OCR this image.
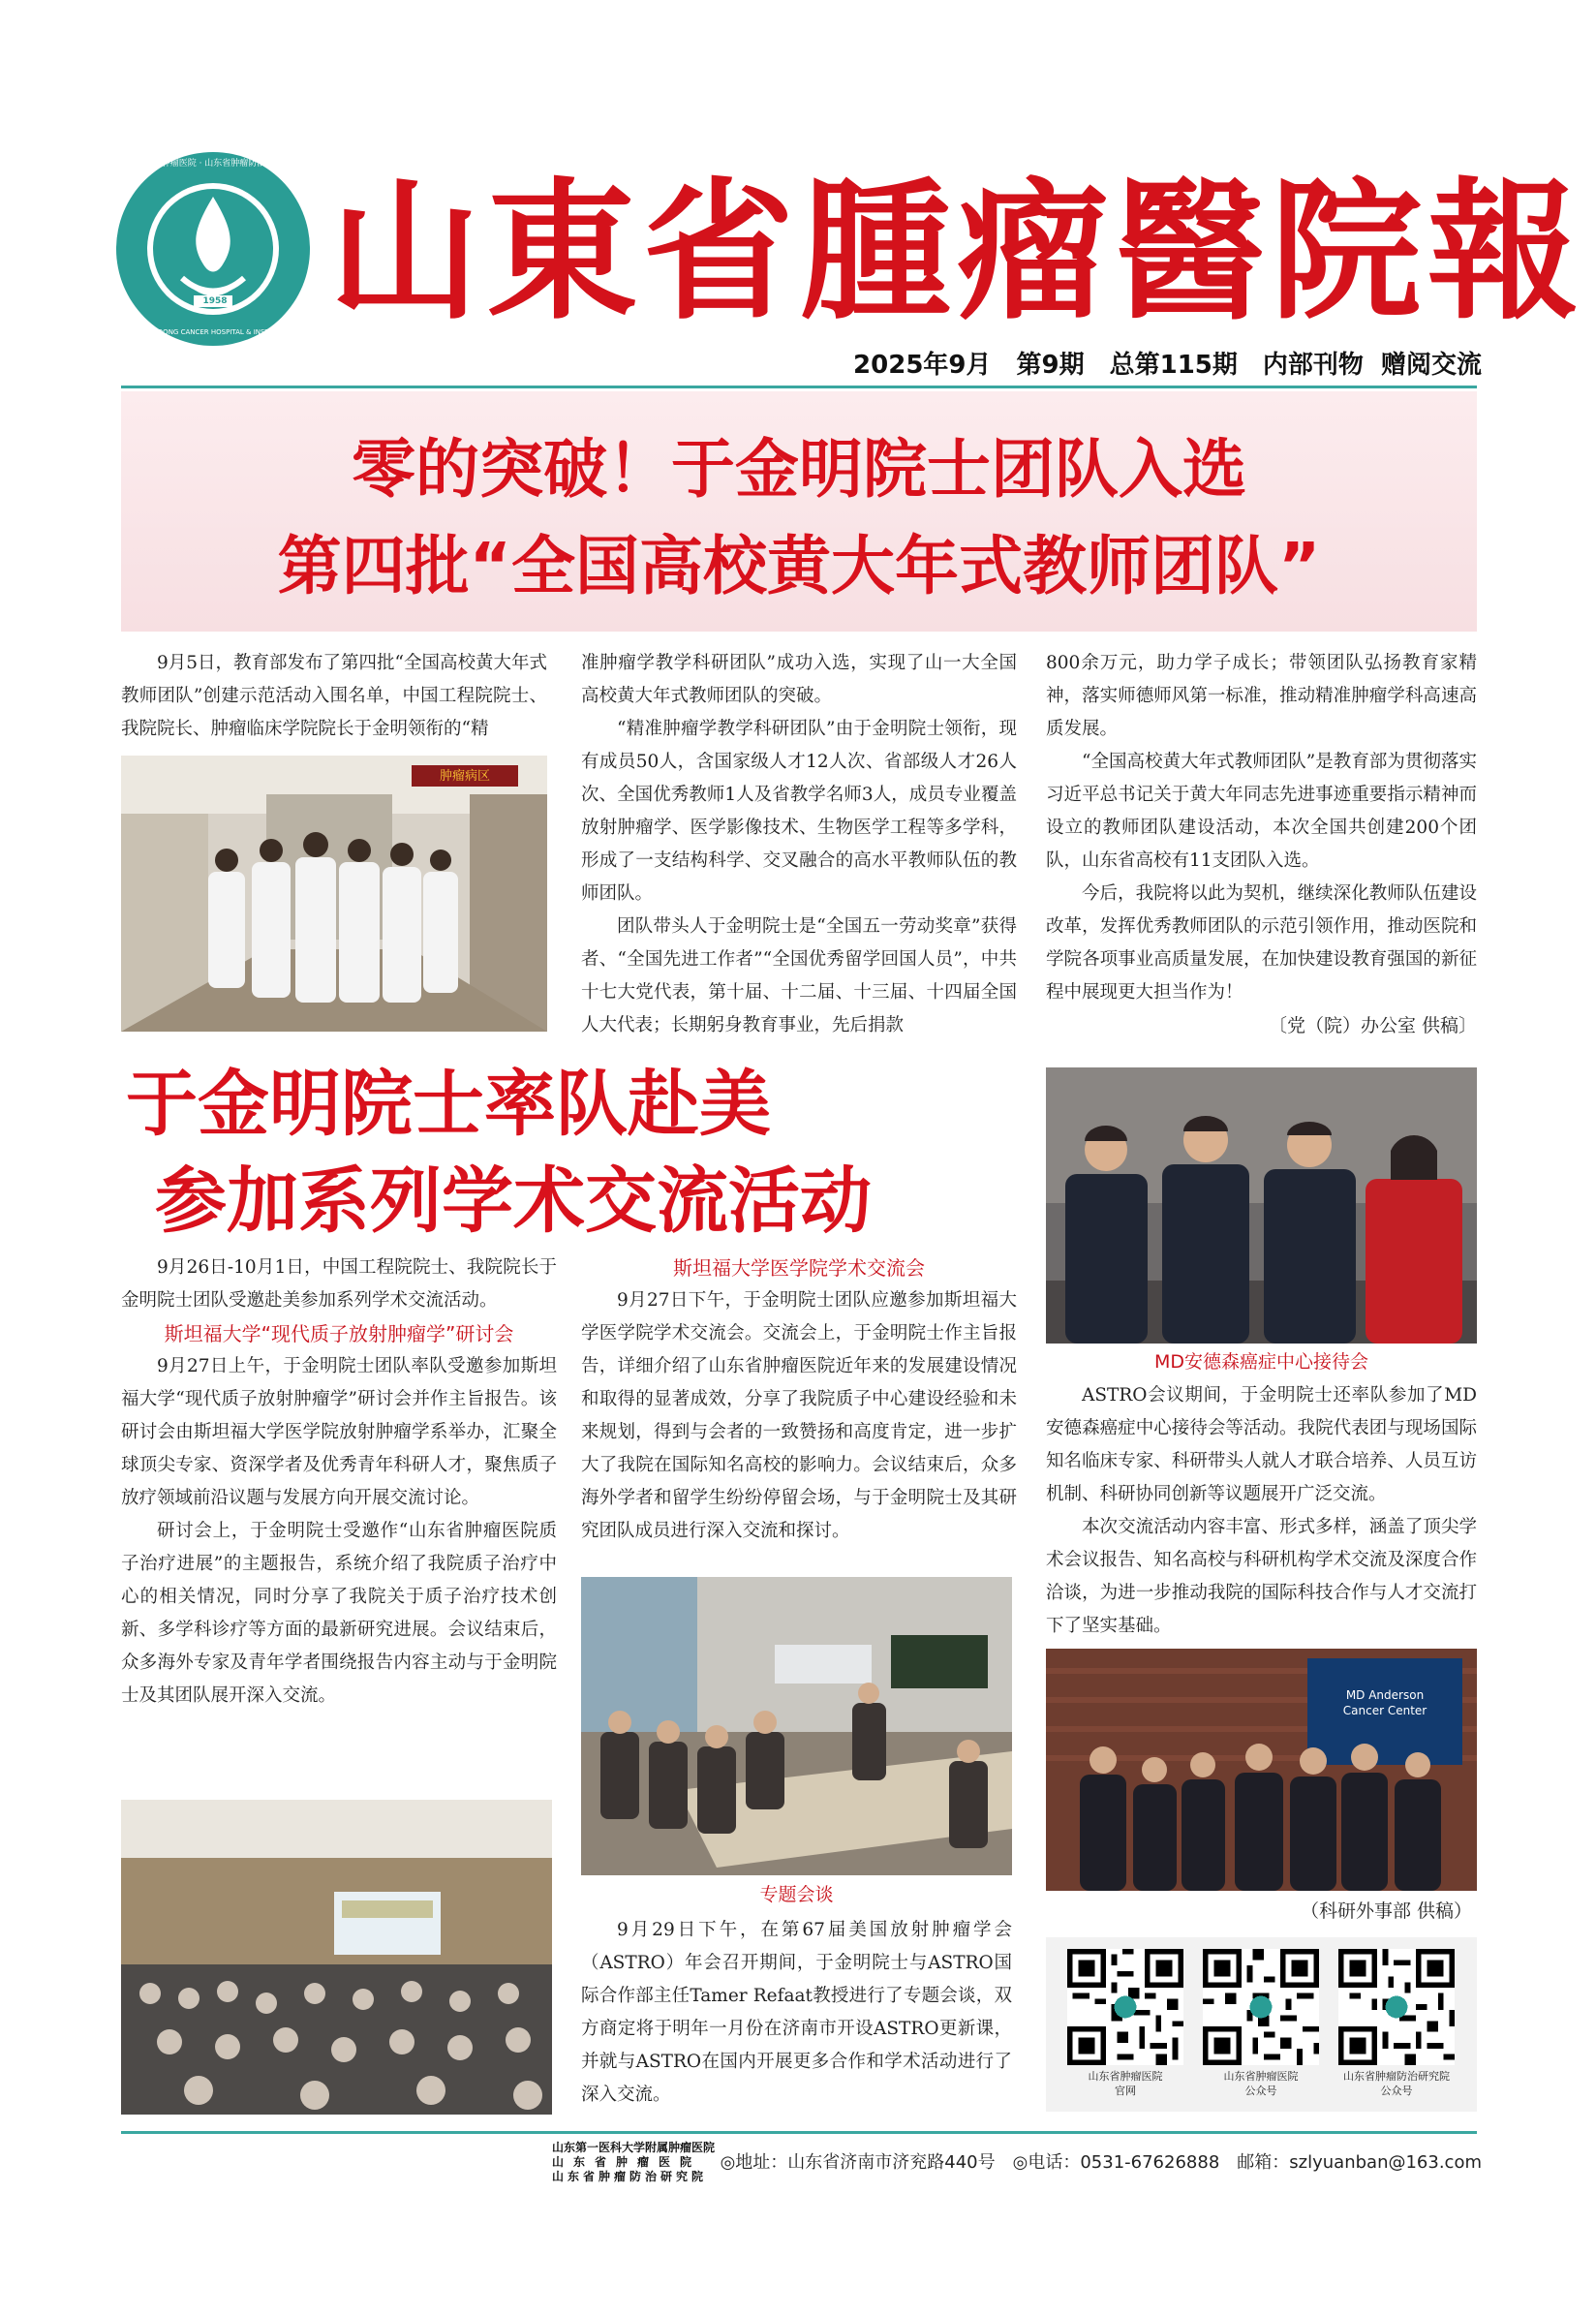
1958
山东省肿瘤医院 · 山东省肿瘤防治研究院
SHANDONG CANCER HOSPITAL & INSTITUTE 山東省腫瘤醫院報
2025年9月 第9期 总第115期 内部刊物  赠阅交流
零的突破！于金明院士团队入选
第四批“全国高校黄大年式教师团队”
9月5日，教育部发布了第四批“全国高校黄大年式教师团队”创建示范活动入围名单，中国工程院院士、我院院长、肿瘤临床学院院长于金明领衔的“精
肿瘤病区

准肿瘤学教学科研团队”成功入选，实现了山一大全国高校黄大年式教师团队的突破。

“精准肿瘤学教学科研团队”由于金明院士领衔，现有成员50人，含国家级人才12人次、省部级人才26人次、全国优秀教师1人及省教学名师3人，成员专业覆盖放射肿瘤学、医学影像技术、生物医学工程等多学科，形成了一支结构科学、交叉融合的高水平教师队伍的教师团队。

团队带头人于金明院士是“全国五一劳动奖章”获得者、“全国先进工作者”“全国优秀留学回国人员”，中共十七大党代表，第十届、十二届、十三届、十四届全国人大代表；长期躬身教育事业，先后捐款

800余万元，助力学子成长；带领团队弘扬教育家精神，落实师德师风第一标准，推动精准肿瘤学科高速高质发展。

“全国高校黄大年式教师团队”是教育部为贯彻落实习近平总书记关于黄大年同志先进事迹重要指示精神而设立的教师团队建设活动，本次全国共创建200个团队，山东省高校有11支团队入选。

今后，我院将以此为契机，继续深化教师队伍建设改革，发挥优秀教师团队的示范引领作用，推动医院和学院各项事业高质量发展，在加快建设教育强国的新征程中展现更大担当作为！

〔党（院）办公室 供稿〕

于金明院士率队赴美
参加系列学术交流活动
MD安德森癌症中心接待会

9月26日-10月1日，中国工程院院士、我院院长于金明院士团队受邀赴美参加系列学术交流活动。

斯坦福大学“现代质子放射肿瘤学”研讨会

9月27日上午，于金明院士团队率队受邀参加斯坦福大学“现代质子放射肿瘤学”研讨会并作主旨报告。该研讨会由斯坦福大学医学院放射肿瘤学系举办，汇聚全球顶尖专家、资深学者及优秀青年科研人才，聚焦质子放疗领域前沿议题与发展方向开展交流讨论。

研讨会上，于金明院士受邀作“山东省肿瘤医院质子治疗进展”的主题报告，系统介绍了我院质子治疗中心的相关情况，同时分享了我院关于质子治疗技术创新、多学科诊疗等方面的最新研究进展。会议结束后，众多海外专家及青年学者围绕报告内容主动与于金明院士及其团队展开深入交流。

斯坦福大学医学院学术交流会

9月27日下午，于金明院士团队应邀参加斯坦福大学医学院学术交流会。交流会上，于金明院士作主旨报告，详细介绍了山东省肿瘤医院近年来的发展建设情况和取得的显著成效，分享了我院质子中心建设经验和未来规划，得到与会者的一致赞扬和高度肯定，进一步扩大了我院在国际知名高校的影响力。会议结束后，众多海外学者和留学生纷纷停留会场，与于金明院士及其研究团队成员进行深入交流和探讨。

专题会谈
9月29日下午，在第67届美国放射肿瘤学会（ASTRO）年会召开期间，于金明院士与ASTRO国际合作部主任Tamer Refaat教授进行了专题会谈，双方商定将于明年一月份在济南市开设ASTRO更新课，并就与ASTRO在国内开展更多合作和学术活动进行了深入交流。

ASTRO会议期间，于金明院士还率队参加了MD安德森癌症中心接待会等活动。我院代表团与现场国际知名临床专家、科研带头人就人才联合培养、人员互访机制、科研协同创新等议题展开广泛交流。

本次交流活动内容丰富、形式多样，涵盖了顶尖学术会议报告、知名高校与科研机构学术交流及深度合作洽谈，为进一步推动我院的国际科技合作与人才交流打下了坚实基础。

MD Anderson Cancer Center
（科研外事部 供稿）
山东省肿瘤医院
官网
山东省肿瘤医院
公众号
山东省肿瘤防治研究院
公众号
山东第一医科大学附属肿瘤医院
山东省肿瘤医院
山东省肿瘤防治研究院
◎地址：山东省济南市济兖路440号 ◎电话：0531-67626888 邮箱：szlyuanban@163.com
